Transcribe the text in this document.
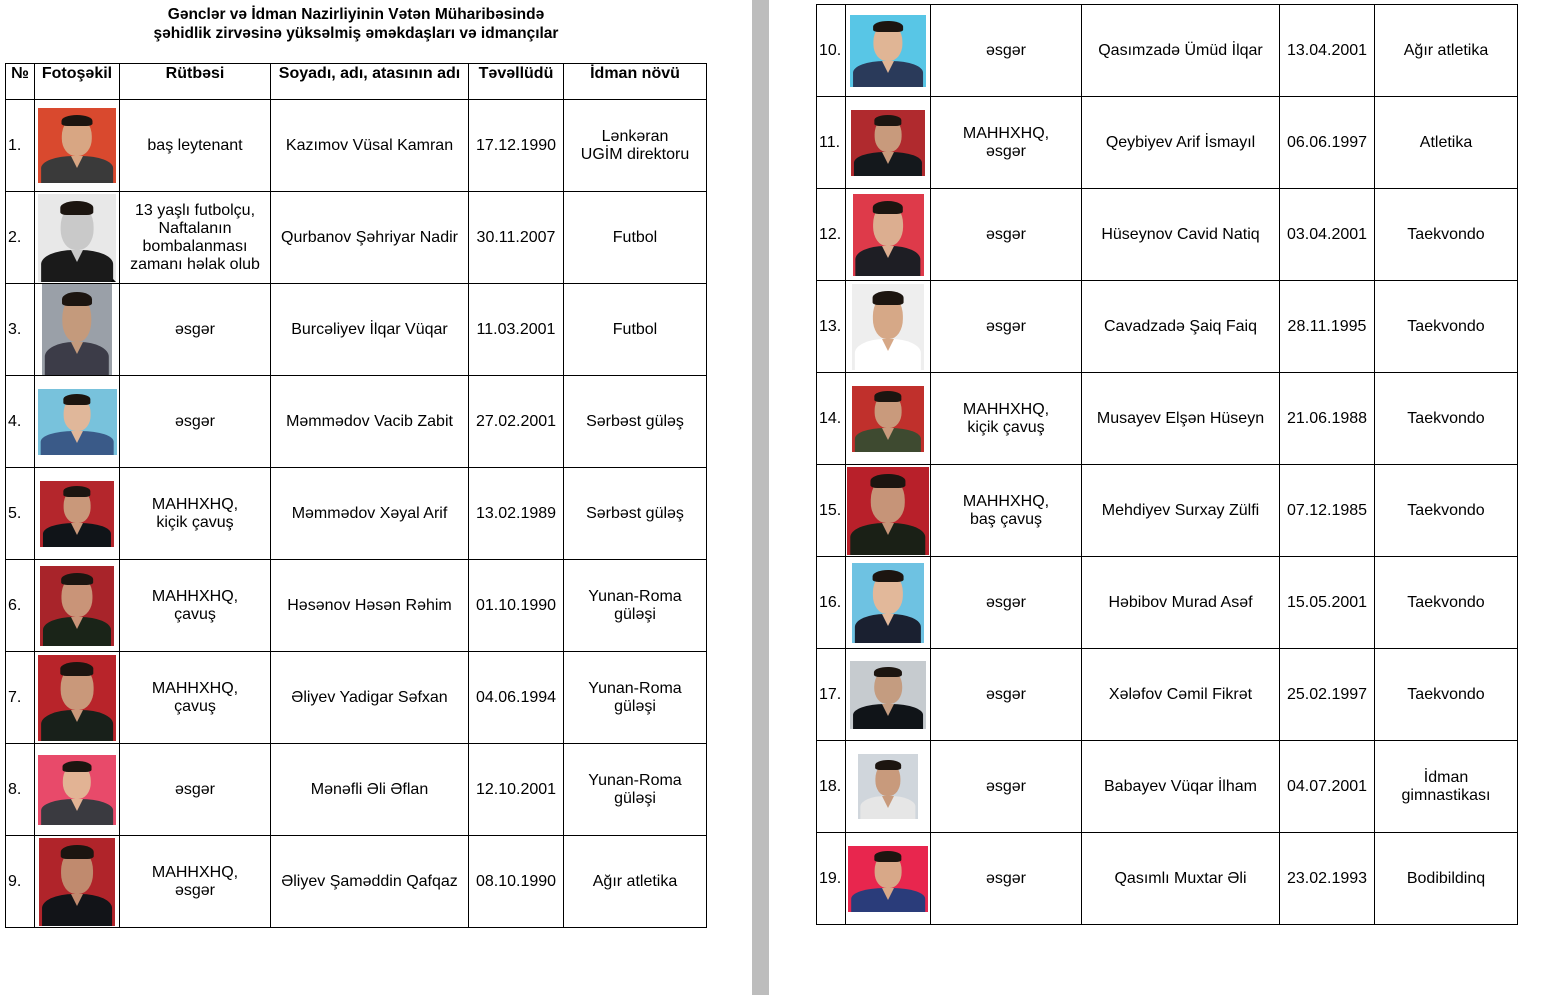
Gənclər və İdman Nazirliyinin Vətən Müharibəsində
şəhidlik zirvəsinə yüksəlmiş əməkdaşları və idmançılar
№	Fotoşəkil	Rütbəsi	Soyadı, adı, atasının adı	Təvəllüdü	İdman növü
1.		baş leytenant	Kazımov Vüsal Kamran	17.12.1990	Lənkəran
UGİM direktoru
2.		13 yaşlı futbolçu,
Naftalanın
bombalanması
zamanı həlak olub	Qurbanov Şəhriyar Nadir	30.11.2007	Futbol
3.		əsgər	Burcəliyev İlqar Vüqar	11.03.2001	Futbol
4.		əsgər	Məmmədov Vacib Zabit	27.02.2001	Sərbəst güləş
5.		MAHHXHQ,
kiçik çavuş	Məmmədov Xəyal Arif	13.02.1989	Sərbəst güləş
6.		MAHHXHQ,
çavuş	Həsənov Həsən Rəhim	01.10.1990	Yunan-Roma
güləşi
7.		MAHHXHQ,
çavuş	Əliyev Yadigar Səfxan	04.06.1994	Yunan-Roma
güləşi
8.		əsgər	Mənəfli Əli Əflan	12.10.2001	Yunan-Roma
güləşi
9.		MAHHXHQ,
əsgər	Əliyev Şaməddin Qafqaz	08.10.1990	Ağır atletika
10.		əsgər	Qasımzadə Ümüd İlqar	13.04.2001	Ağır atletika
11.		MAHHXHQ,
əsgər	Qeybiyev Arif İsmayıl	06.06.1997	Atletika
12.		əsgər	Hüseynov Cavid Natiq	03.04.2001	Taekvondo
13.		əsgər	Cavadzadə Şaiq Faiq	28.11.1995	Taekvondo
14.		MAHHXHQ,
kiçik çavuş	Musayev Elşən Hüseyn	21.06.1988	Taekvondo
15.		MAHHXHQ,
baş çavuş	Mehdiyev Surxay Zülfi	07.12.1985	Taekvondo
16.		əsgər	Həbibov Murad Asəf	15.05.2001	Taekvondo
17.		əsgər	Xələfov Cəmil Fikrət	25.02.1997	Taekvondo
18.		əsgər	Babayev Vüqar İlham	04.07.2001	İdman
gimnastikası
19.		əsgər	Qasımlı Muxtar Əli	23.02.1993	Bodibildinq
